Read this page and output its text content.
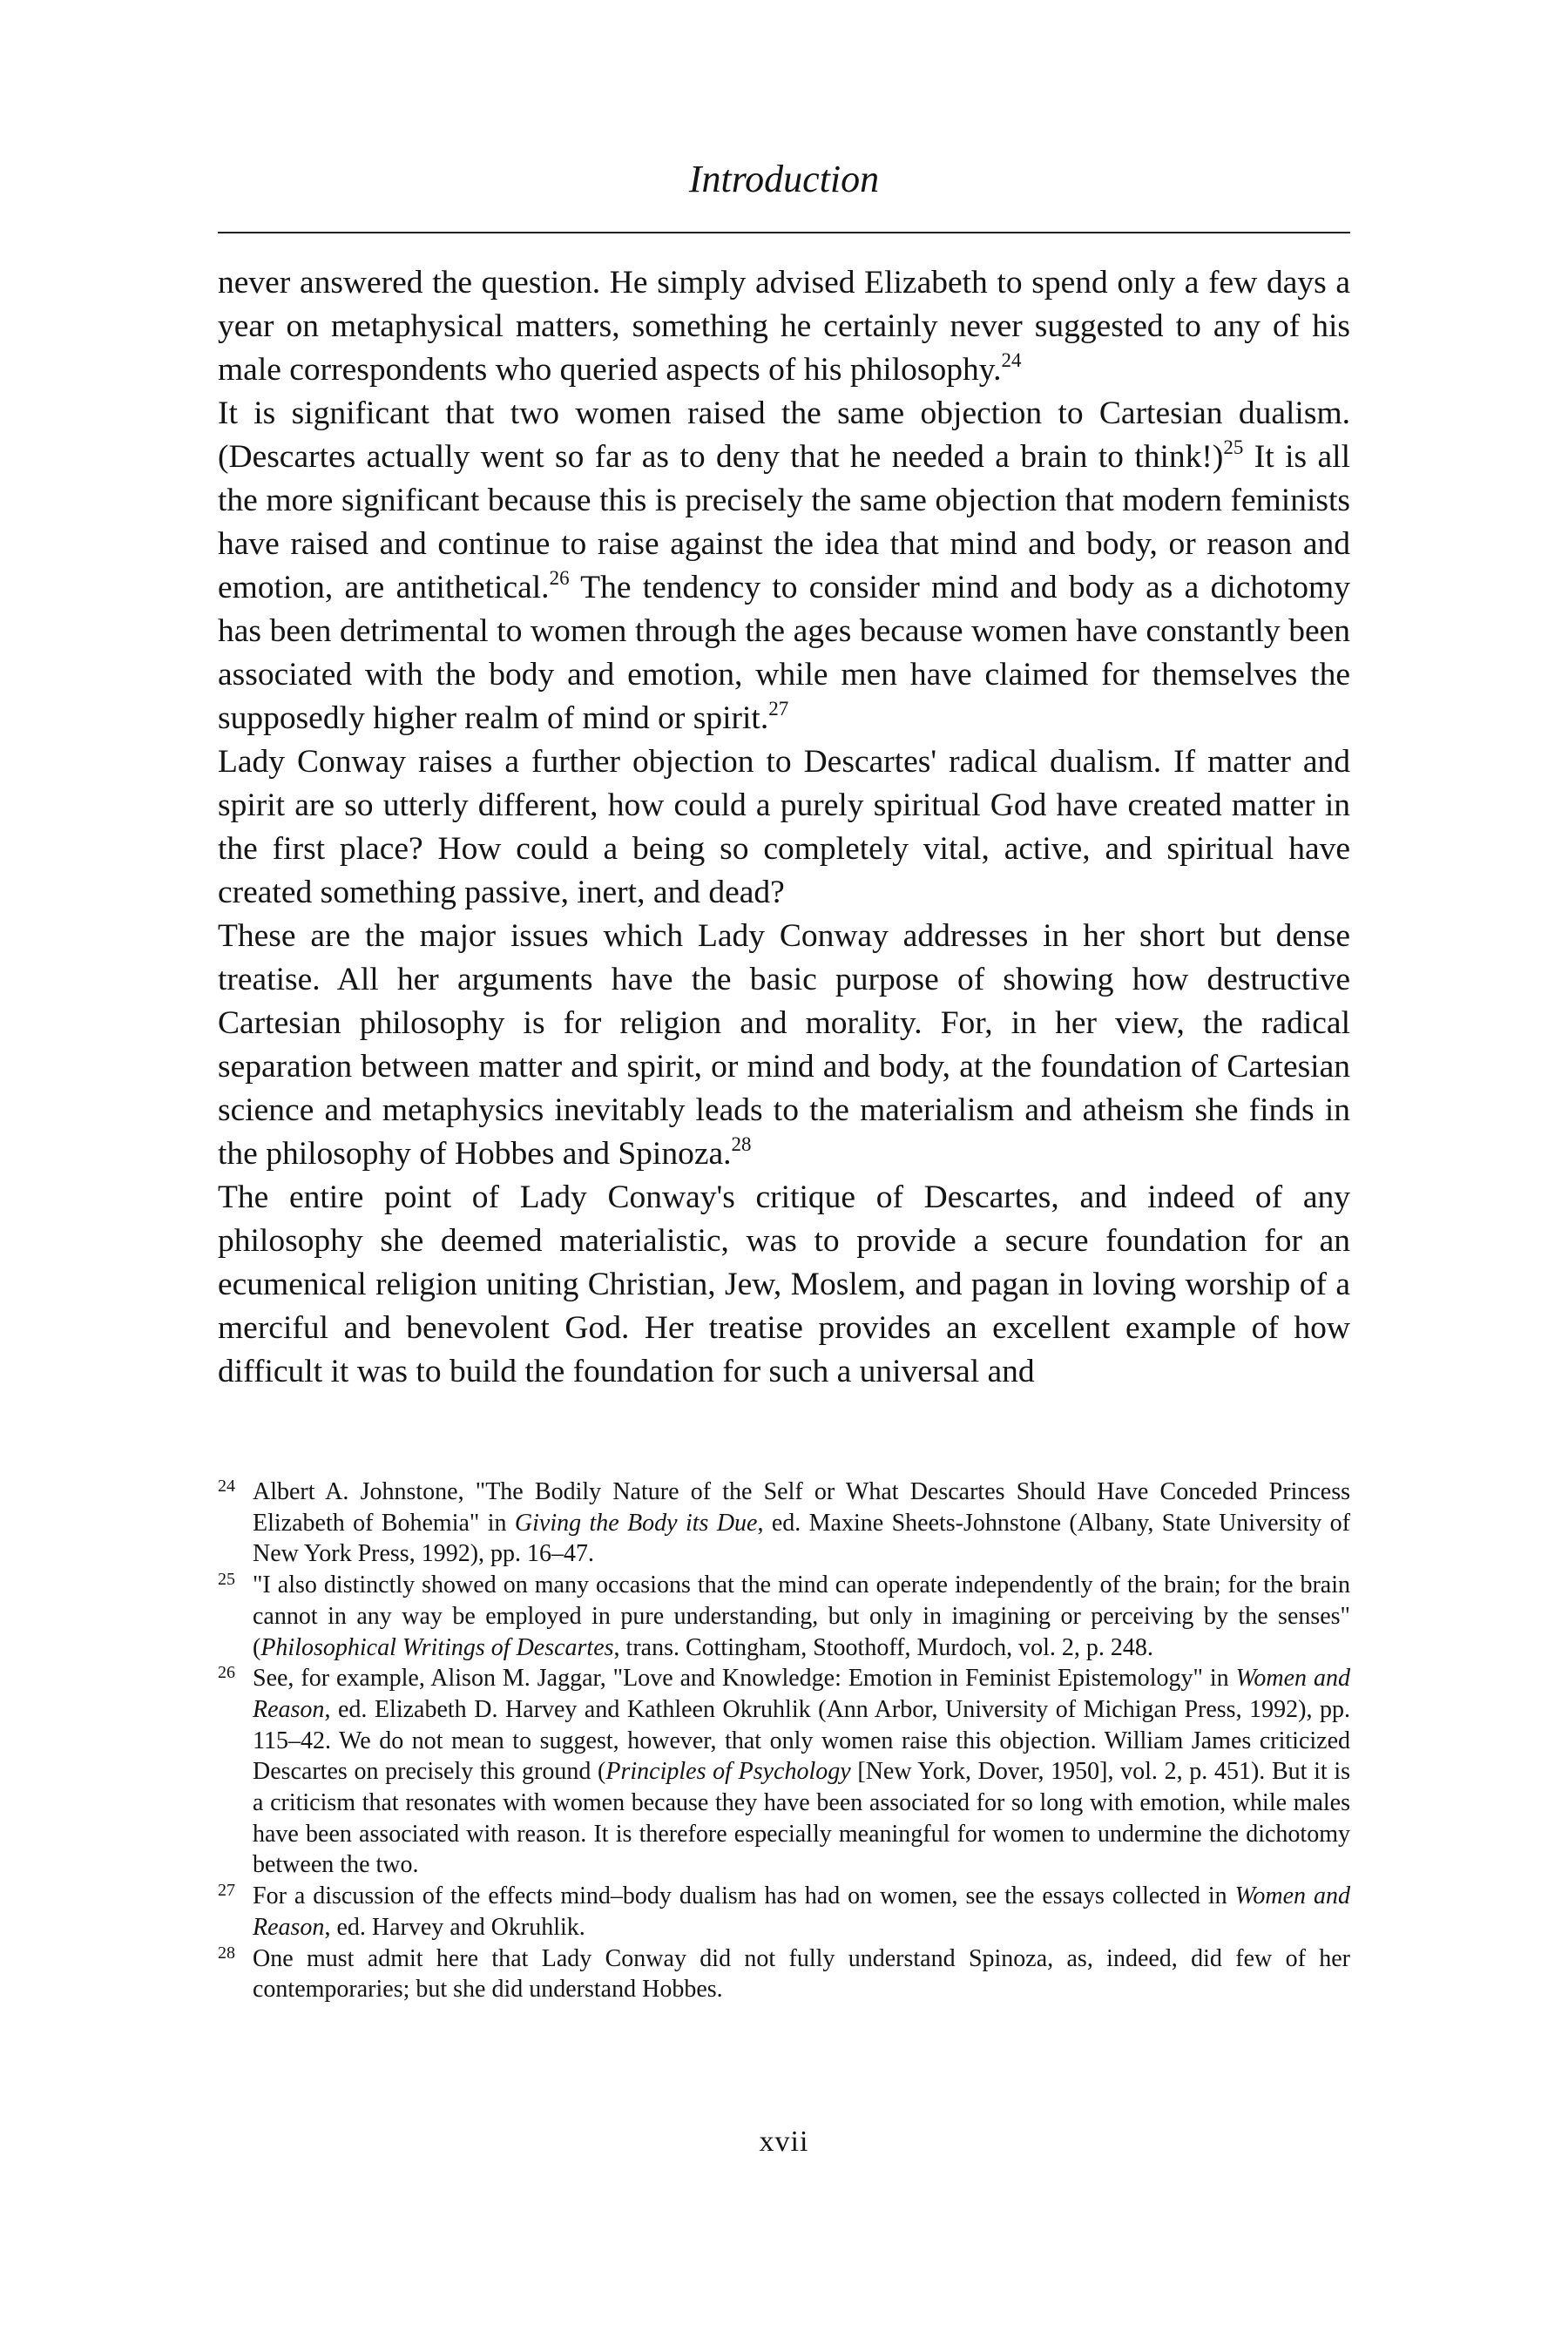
Introduction

never answered the question. He simply advised Elizabeth to spend only a few days a year on metaphysical matters, something he certainly never suggested to any of his male correspondents who queried aspects of his philosophy.$^{24}$

It is significant that two women raised the same objection to Cartesian dualism. (Descartes actually went so far as to deny that he needed a brain to think!)$^{25}$ It is all the more significant because this is precisely the same objection that modern feminists have raised and continue to raise against the idea that mind and body, or reason and emotion, are antithetical.$^{26}$ The tendency to consider mind and body as a dichotomy has been detrimental to women through the ages because women have constantly been associated with the body and emotion, while men have claimed for themselves the supposedly higher realm of mind or spirit.$^{27}$

Lady Conway raises a further objection to Descartes' radical dualism. If matter and spirit are so utterly different, how could a purely spiritual God have created matter in the first place? How could a being so completely vital, active, and spiritual have created something passive, inert, and dead?

These are the major issues which Lady Conway addresses in her short but dense treatise. All her arguments have the basic purpose of showing how destructive Cartesian philosophy is for religion and morality. For, in her view, the radical separation between matter and spirit, or mind and body, at the foundation of Cartesian science and metaphysics inevitably leads to the materialism and atheism she finds in the philosophy of Hobbes and Spinoza.$^{28}$

The entire point of Lady Conway's critique of Descartes, and indeed of any philosophy she deemed materialistic, was to provide a secure foundation for an ecumenical religion uniting Christian, Jew, Moslem, and pagan in loving worship of a merciful and benevolent God. Her treatise provides an excellent example of how difficult it was to build the foundation for such a universal and

24 Albert A. Johnstone, "The Bodily Nature of the Self or What Descartes Should Have Conceded Princess Elizabeth of Bohemia" in Giving the Body its Due, ed. Maxine Sheets-Johnstone (Albany, State University of New York Press, 1992), pp. 16–47.
25 "I also distinctly showed on many occasions that the mind can operate independently of the brain; for the brain cannot in any way be employed in pure understanding, but only in imagining or perceiving by the senses" (Philosophical Writings of Descartes, trans. Cottingham, Stoothoff, Murdoch, vol. 2, p. 248.
26 See, for example, Alison M. Jaggar, "Love and Knowledge: Emotion in Feminist Epistemology" in Women and Reason, ed. Elizabeth D. Harvey and Kathleen Okruhlik (Ann Arbor, University of Michigan Press, 1992), pp. 115–42. We do not mean to suggest, however, that only women raise this objection. William James criticized Descartes on precisely this ground (Principles of Psychology [New York, Dover, 1950], vol. 2, p. 451). But it is a criticism that resonates with women because they have been associated for so long with emotion, while males have been associated with reason. It is therefore especially meaningful for women to undermine the dichotomy between the two.
27 For a discussion of the effects mind–body dualism has had on women, see the essays collected in Women and Reason, ed. Harvey and Okruhlik.
28 One must admit here that Lady Conway did not fully understand Spinoza, as, indeed, did few of her contemporaries; but she did understand Hobbes.
xvii
